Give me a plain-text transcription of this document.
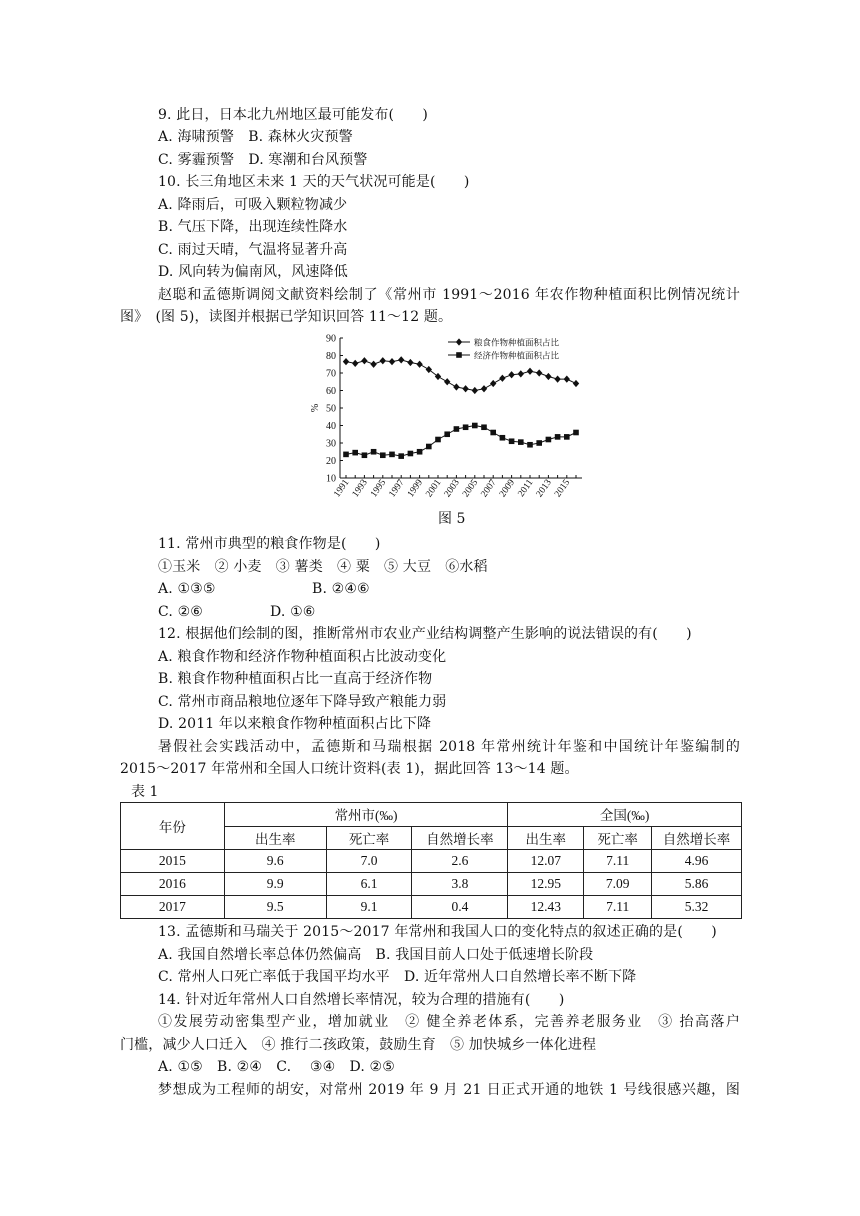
9. 此日，日本北九州地区最可能发布(　　)
A. 海啸预警　B. 森林火灾预警
C. 雾霾预警　D. 寒潮和台风预警
10. 长三角地区未来 1 天的天气状况可能是(　　)
A. 降雨后，可吸入颗粒物减少
B. 气压下降，出现连续性降水
C. 雨过天晴，气温将显著升高
D. 风向转为偏南风，风速降低
赵聪和孟德斯调阅文献资料绘制了《常州市 1991～2016 年农作物种植面积比例情况统计
图》　(图 5)，读图并根据已学知识回答 11～12 题。
10
20
30
40
50
60
70
80
90
%
1991 1993 1995 1997 1999 2001 2003 2005 2007 2009 2011 2013 2015
粮食作物种植面积占比
经济作物种植面积占比
图 5
11. 常州市典型的粮食作物是(　　)
①玉米　② 小麦　③ 薯类　④ 粟　⑤ 大豆　⑥水稻
A. ①③⑤	B. ②④⑥
C. ②⑥	D. ①⑥
12. 根据他们绘制的图，推断常州市农业产业结构调整产生影响的说法错误的有(　　)
A. 粮食作物和经济作物种植面积占比波动变化
B. 粮食作物种植面积占比一直高于经济作物
C. 常州市商品粮地位逐年下降导致产粮能力弱
D. 2011 年以来粮食作物种植面积占比下降
暑假社会实践活动中，孟德斯和马瑞根据 2018 年常州统计年鉴和中国统计年鉴编制的
2015～2017 年常州和全国人口统计资料(表 1)，据此回答 13～14 题。
表 1
年份	常州市(‰)			全国(‰)		
	出生率	死亡率	自然增长率	出生率	死亡率	自然增长率
2015	9.6	7.0	2.6	12.07	7.11	4.96
2016	9.9	6.1	3.8	12.95	7.09	5.86
2017	9.5	9.1	0.4	12.43	7.11	5.32
13. 孟德斯和马瑞关于 2015～2017 年常州和我国人口的变化特点的叙述正确的是(　　)
A. 我国自然增长率总体仍然偏高　B. 我国目前人口处于低速增长阶段
C. 常州人口死亡率低于我国平均水平　D. 近年常州人口自然增长率不断下降
14. 针对近年常州人口自然增长率情况，较为合理的措施有(　　)
①发展劳动密集型产业，增加就业　② 健全养老体系，完善养老服务业　③ 抬高落户
门槛，减少人口迁入　④ 推行二孩政策，鼓励生育　⑤ 加快城乡一体化进程
A. ①⑤　B. ②④　C. 　③④　D. ②⑤
梦想成为工程师的胡安，对常州 2019 年 9 月 21 日正式开通的地铁 1 号线很感兴趣，图
